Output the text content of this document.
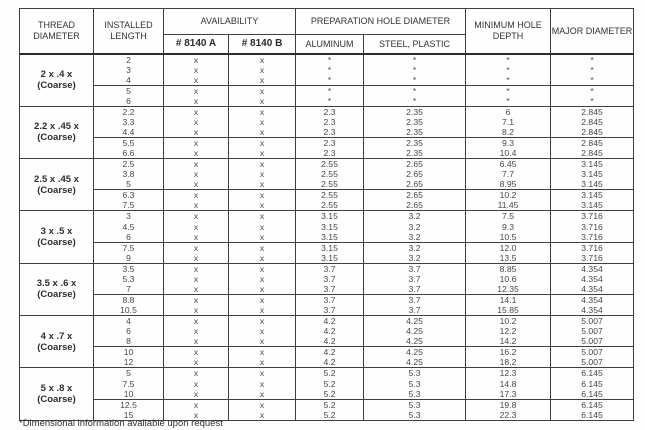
THREAD DIAMETER	INSTALLED LENGTH	AVAILABILITY		PREPARATION HOLE DIAMETER		MINIMUM HOLE DEPTH	MAJOR DIAMETER
		# 8140 A	# 8140 B	ALUMINUM	STEEL, PLASTIC		

2 x .4 x
(Coarse)	2	x	x	*	*	*	*
	3	x	x	*	*	*	*
	4	x	x	*	*	*	*
	5	x	x	*	*	*	*
	6	x	x	*	*	*	*

2.2 x .45 x
(Coarse)	2.2	x	x	2.3	2.35	6	2.845
	3.3	x	x	2.3	2.35	7.1	2.845
	4.4	x	x	2.3	2.35	8.2	2.845
	5.5	x	x	2.3	2.35	9.3	2.845
	6.6	x	x	2.3	2.35	10.4	2.845

2.5 x .45 x
(Coarse)	2.5	x	x	2.55	2.65	6.45	3.145
	3.8	x	x	2.55	2.65	7.7	3.145
	5	x	x	2.55	2.65	8.95	3.145
	6.3	x	x	2.55	2.65	10.2	3.145
	7.5	x	x	2.55	2.65	11.45	3.145

3 x .5 x
(Coarse)	3	x	x	3.15	3.2	7.5	3.716
	4.5	x	x	3.15	3.2	9.3	3.716
	6	x	x	3.15	3.2	10.5	3.716
	7.5	x	x	3.15	3.2	12.0	3.716
	9	x	x	3.15	3.2	13.5	3.716

3.5 x .6 x
(Coarse)	3.5	x	x	3.7	3.7	8.85	4.354
	5.3	x	x	3.7	3.7	10.6	4.354
	7	x	x	3.7	3.7	12.35	4.354
	8.8	x	x	3.7	3.7	14.1	4.354
	10.5	x	x	3.7	3.7	15.85	4.354

4 x .7 x
(Coarse)	4	x	x	4.2	4.25	10.2	5.007
	6	x	x	4.2	4.25	12.2	5.007
	8	x	x	4.2	4.25	14.2	5.007
	10	x	x	4.2	4.25	16.2	5.007
	12	x	x	4.2	4.25	18.2	5.007

5 x .8 x
(Coarse)	5	x	x	5.2	5.3	12.3	6.145
	7.5	x	x	5.2	5.3	14.8	6.145
	10	x	x	5.2	5.3	17.3	6.145
	12.5	x	x	5.2	5.3	19.8	6.145
	15	x	x	5.2	5.3	22.3	6.145
*Dimensional information available upon request
